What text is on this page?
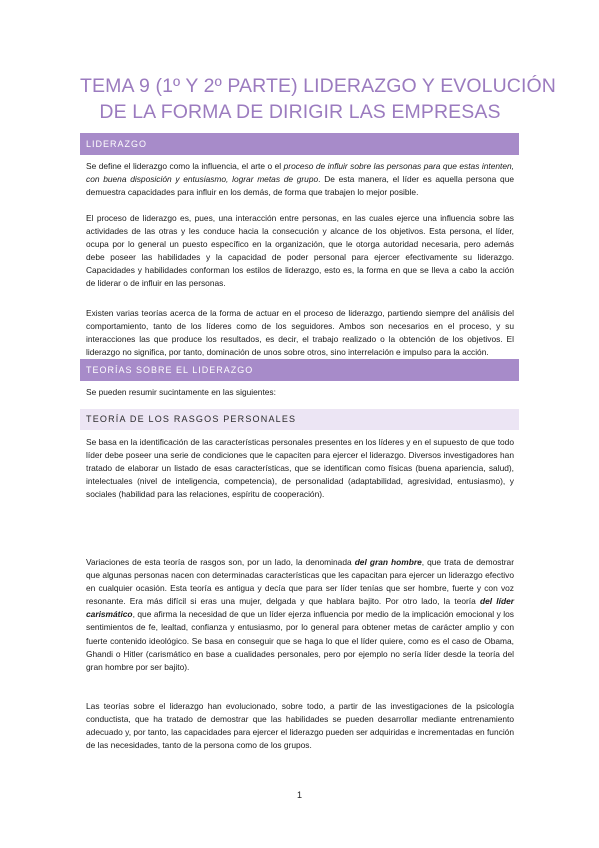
TEMA 9 (1º Y 2º PARTE) LIDERAZGO Y EVOLUCIÓN
DE LA FORMA DE DIRIGIR LAS EMPRESAS
LIDERAZGO
Se define el liderazgo como la influencia, el arte o el proceso de influir sobre las personas para que estas intenten, con buena disposición y entusiasmo, lograr metas de grupo. De esta manera, el líder es aquella persona que demuestra capacidades para influir en los demás, de forma que trabajen lo mejor posible.
El proceso de liderazgo es, pues, una interacción entre personas, en las cuales ejerce una influencia sobre las actividades de las otras y les conduce hacia la consecución y alcance de los objetivos. Esta persona, el líder, ocupa por lo general un puesto específico en la organización, que le otorga autoridad necesaria, pero además debe poseer las habilidades y la capacidad de poder personal para ejercer efectivamente su liderazgo. Capacidades y habilidades conforman los estilos de liderazgo, esto es, la forma en que se lleva a cabo la acción de liderar o de influir en las personas.
Existen varias teorías acerca de la forma de actuar en el proceso de liderazgo, partiendo siempre del análisis del comportamiento, tanto de los líderes como de los seguidores. Ambos son necesarios en el proceso, y su interacciones las que produce los resultados, es decir, el trabajo realizado o la obtención de los objetivos. El liderazgo no significa, por tanto, dominación de unos sobre otros, sino interrelación e impulso para la acción.
TEORÍAS SOBRE EL LIDERAZGO
Se pueden resumir sucintamente en las siguientes:
TEORÍA DE LOS RASGOS PERSONALES
Se basa en la identificación de las características personales presentes en los líderes y en el supuesto de que todo líder debe poseer una serie de condiciones que le capaciten para ejercer el liderazgo. Diversos investigadores han tratado de elaborar un listado de esas características, que se identifican como físicas (buena apariencia, salud), intelectuales (nivel de inteligencia, competencia), de personalidad (adaptabilidad, agresividad, entusiasmo), y sociales (habilidad para las relaciones, espíritu de cooperación).
Variaciones de esta teoría de rasgos son, por un lado, la denominada del gran hombre, que trata de demostrar que algunas personas nacen con determinadas características que les capacitan para ejercer un liderazgo efectivo en cualquier ocasión. Esta teoría es antigua y decía que para ser líder tenías que ser hombre, fuerte y con voz resonante. Era más difícil si eras una mujer, delgada y que hablara bajito. Por otro lado, la teoría del líder carismático, que afirma la necesidad de que un líder ejerza influencia por medio de la implicación emocional y los sentimientos de fe, lealtad, confianza y entusiasmo, por lo general para obtener metas de carácter amplio y con fuerte contenido ideológico. Se basa en conseguir que se haga lo que el líder quiere, como es el caso de Obama, Ghandi o Hitler (carismático en base a cualidades personales, pero por ejemplo no sería líder desde la teoría del gran hombre por ser bajito).
Las teorías sobre el liderazgo han evolucionado, sobre todo, a partir de las investigaciones de la psicología conductista, que ha tratado de demostrar que las habilidades se pueden desarrollar mediante entrenamiento adecuado y, por tanto, las capacidades para ejercer el liderazgo pueden ser adquiridas e incrementadas en función de las necesidades, tanto de la persona como de los grupos.
1
